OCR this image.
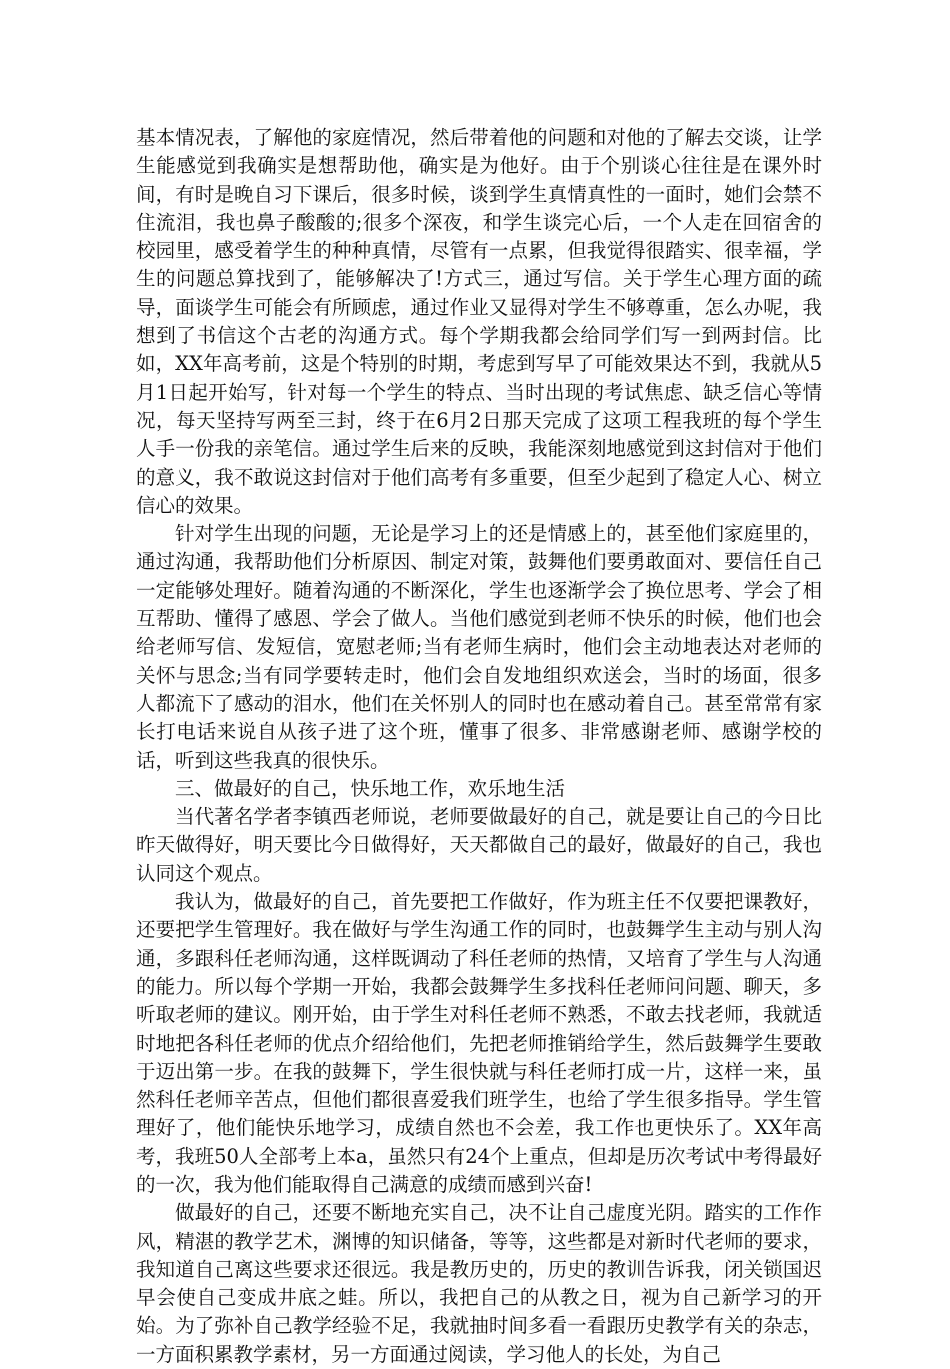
基本情况表，了解他的家庭情况，然后带着他的问题和对他的了解去交谈，让学生能感觉到我确实是想帮助他，确实是为他好。由于个别谈心往往是在课外时间，有时是晚自习下课后，很多时候，谈到学生真情真性的一面时，她们会禁不住流泪，我也鼻子酸酸的;很多个深夜，和学生谈完心后，一个人走在回宿舍的校园里，感受着学生的种种真情，尽管有一点累，但我觉得很踏实、很幸福，学生的问题总算找到了，能够解决了!方式三，通过写信。关于学生心理方面的疏导，面谈学生可能会有所顾虑，通过作业又显得对学生不够尊重，怎么办呢，我想到了书信这个古老的沟通方式。每个学期我都会给同学们写一到两封信。比如，XX年高考前，这是个特别的时期，考虑到写早了可能效果达不到，我就从5月1日起开始写，针对每一个学生的特点、当时出现的考试焦虑、缺乏信心等情况，每天坚持写两至三封，终于在6月2日那天完成了这项工程我班的每个学生人手一份我的亲笔信。通过学生后来的反映，我能深刻地感觉到这封信对于他们的意义，我不敢说这封信对于他们高考有多重要，但至少起到了稳定人心、树立信心的效果。

针对学生出现的问题，无论是学习上的还是情感上的，甚至他们家庭里的，通过沟通，我帮助他们分析原因、制定对策，鼓舞他们要勇敢面对、要信任自己一定能够处理好。随着沟通的不断深化，学生也逐渐学会了换位思考、学会了相互帮助、懂得了感恩、学会了做人。当他们感觉到老师不快乐的时候，他们也会给老师写信、发短信，宽慰老师;当有老师生病时，他们会主动地表达对老师的关怀与思念;当有同学要转走时，他们会自发地组织欢送会，当时的场面，很多人都流下了感动的泪水，他们在关怀别人的同时也在感动着自己。甚至常常有家长打电话来说自从孩子进了这个班，懂事了很多、非常感谢老师、感谢学校的话，听到这些我真的很快乐。

三、做最好的自己，快乐地工作，欢乐地生活

当代著名学者李镇西老师说，老师要做最好的自己，就是要让自己的今日比昨天做得好，明天要比今日做得好，天天都做自己的最好，做最好的自己，我也认同这个观点。

我认为，做最好的自己，首先要把工作做好，作为班主任不仅要把课教好，还要把学生管理好。我在做好与学生沟通工作的同时，也鼓舞学生主动与别人沟通，多跟科任老师沟通，这样既调动了科任老师的热情，又培育了学生与人沟通的能力。所以每个学期一开始，我都会鼓舞学生多找科任老师问问题、聊天，多听取老师的建议。刚开始，由于学生对科任老师不熟悉，不敢去找老师，我就适时地把各科任老师的优点介绍给他们，先把老师推销给学生，然后鼓舞学生要敢于迈出第一步。在我的鼓舞下，学生很快就与科任老师打成一片，这样一来，虽然科任老师辛苦点，但他们都很喜爱我们班学生，也给了学生很多指导。学生管理好了，他们能快乐地学习，成绩自然也不会差，我工作也更快乐了。XX年高考，我班50人全部考上本a，虽然只有24个上重点，但却是历次考试中考得最好的一次，我为他们能取得自己满意的成绩而感到兴奋!

做最好的自己，还要不断地充实自己，决不让自己虚度光阴。踏实的工作作风，精湛的教学艺术，渊博的知识储备，等等，这些都是对新时代老师的要求，我知道自己离这些要求还很远。我是教历史的，历史的教训告诉我，闭关锁国迟早会使自己变成井底之蛙。所以，我把自己的从教之日，视为自己新学习的开始。为了弥补自己教学经验不足，我就抽时间多看一看跟历史教学有关的杂志，一方面积累教学素材，另一方面通过阅读，学习他人的长处，为自己
